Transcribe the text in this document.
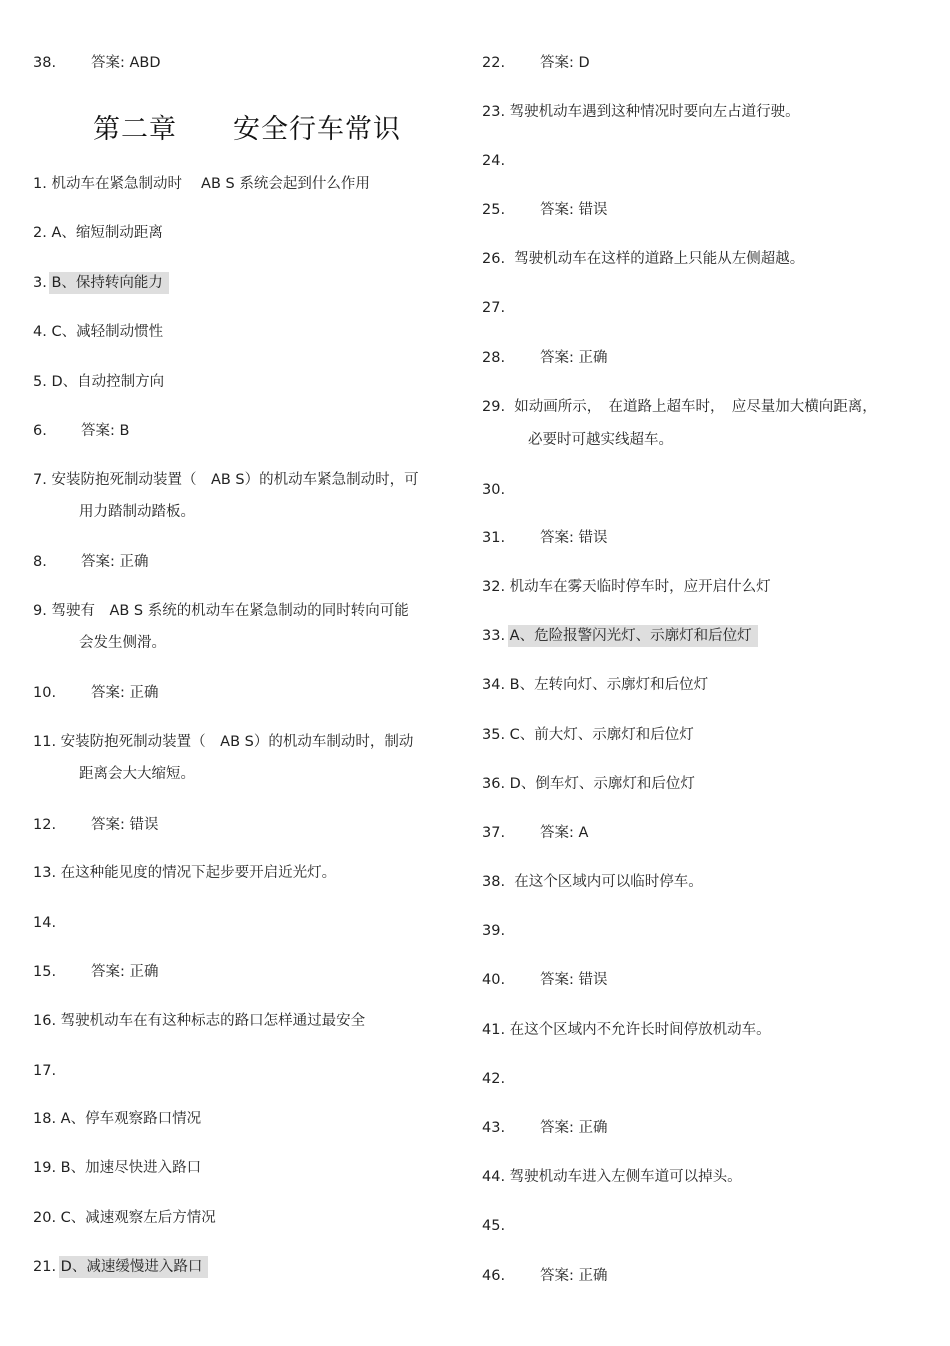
38. 答案: ABD
第二章　　安全行车常识
1. 机动车在紧急制动时　 AB S 系统会起到什么作用
2. A、缩短制动距离
3. B、保持转向能力
4. C、减轻制动惯性
5. D、自动控制方向
6. 答案: B
7. 安装防抱死制动装置（　AB S）的机动车紧急制动时，可
用力踏制动踏板。
8. 答案: 正确
9. 驾驶有　AB S 系统的机动车在紧急制动的同时转向可能
会发生侧滑。
10. 答案: 正确
11. 安装防抱死制动装置（　AB S）的机动车制动时，制动
距离会大大缩短。
12. 答案: 错误
13. 在这种能见度的情况下起步要开启近光灯。
14.
15. 答案: 正确
16. 驾驶机动车在有这种标志的路口怎样通过最安全
17.
18. A、停车观察路口情况
19. B、加速尽快进入路口
20. C、减速观察左后方情况
21. D、减速缓慢进入路口
22. 答案: D
23. 驾驶机动车遇到这种情况时要向左占道行驶。
24.
25. 答案: 错误
26. 驾驶机动车在这样的道路上只能从左侧超越。
27.
28. 答案: 正确
29. 如动画所示，　在道路上超车时，　应尽量加大横向距离，
必要时可越实线超车。
30.
31. 答案: 错误
32. 机动车在雾天临时停车时，应开启什么灯
33. A、危险报警闪光灯、示廓灯和后位灯
34. B、左转向灯、示廓灯和后位灯
35. C、前大灯、示廓灯和后位灯
36. D、倒车灯、示廓灯和后位灯
37. 答案: A
38. 在这个区域内可以临时停车。
39.
40. 答案: 错误
41. 在这个区域内不允许长时间停放机动车。
42.
43. 答案: 正确
44. 驾驶机动车进入左侧车道可以掉头。
45.
46. 答案: 正确
